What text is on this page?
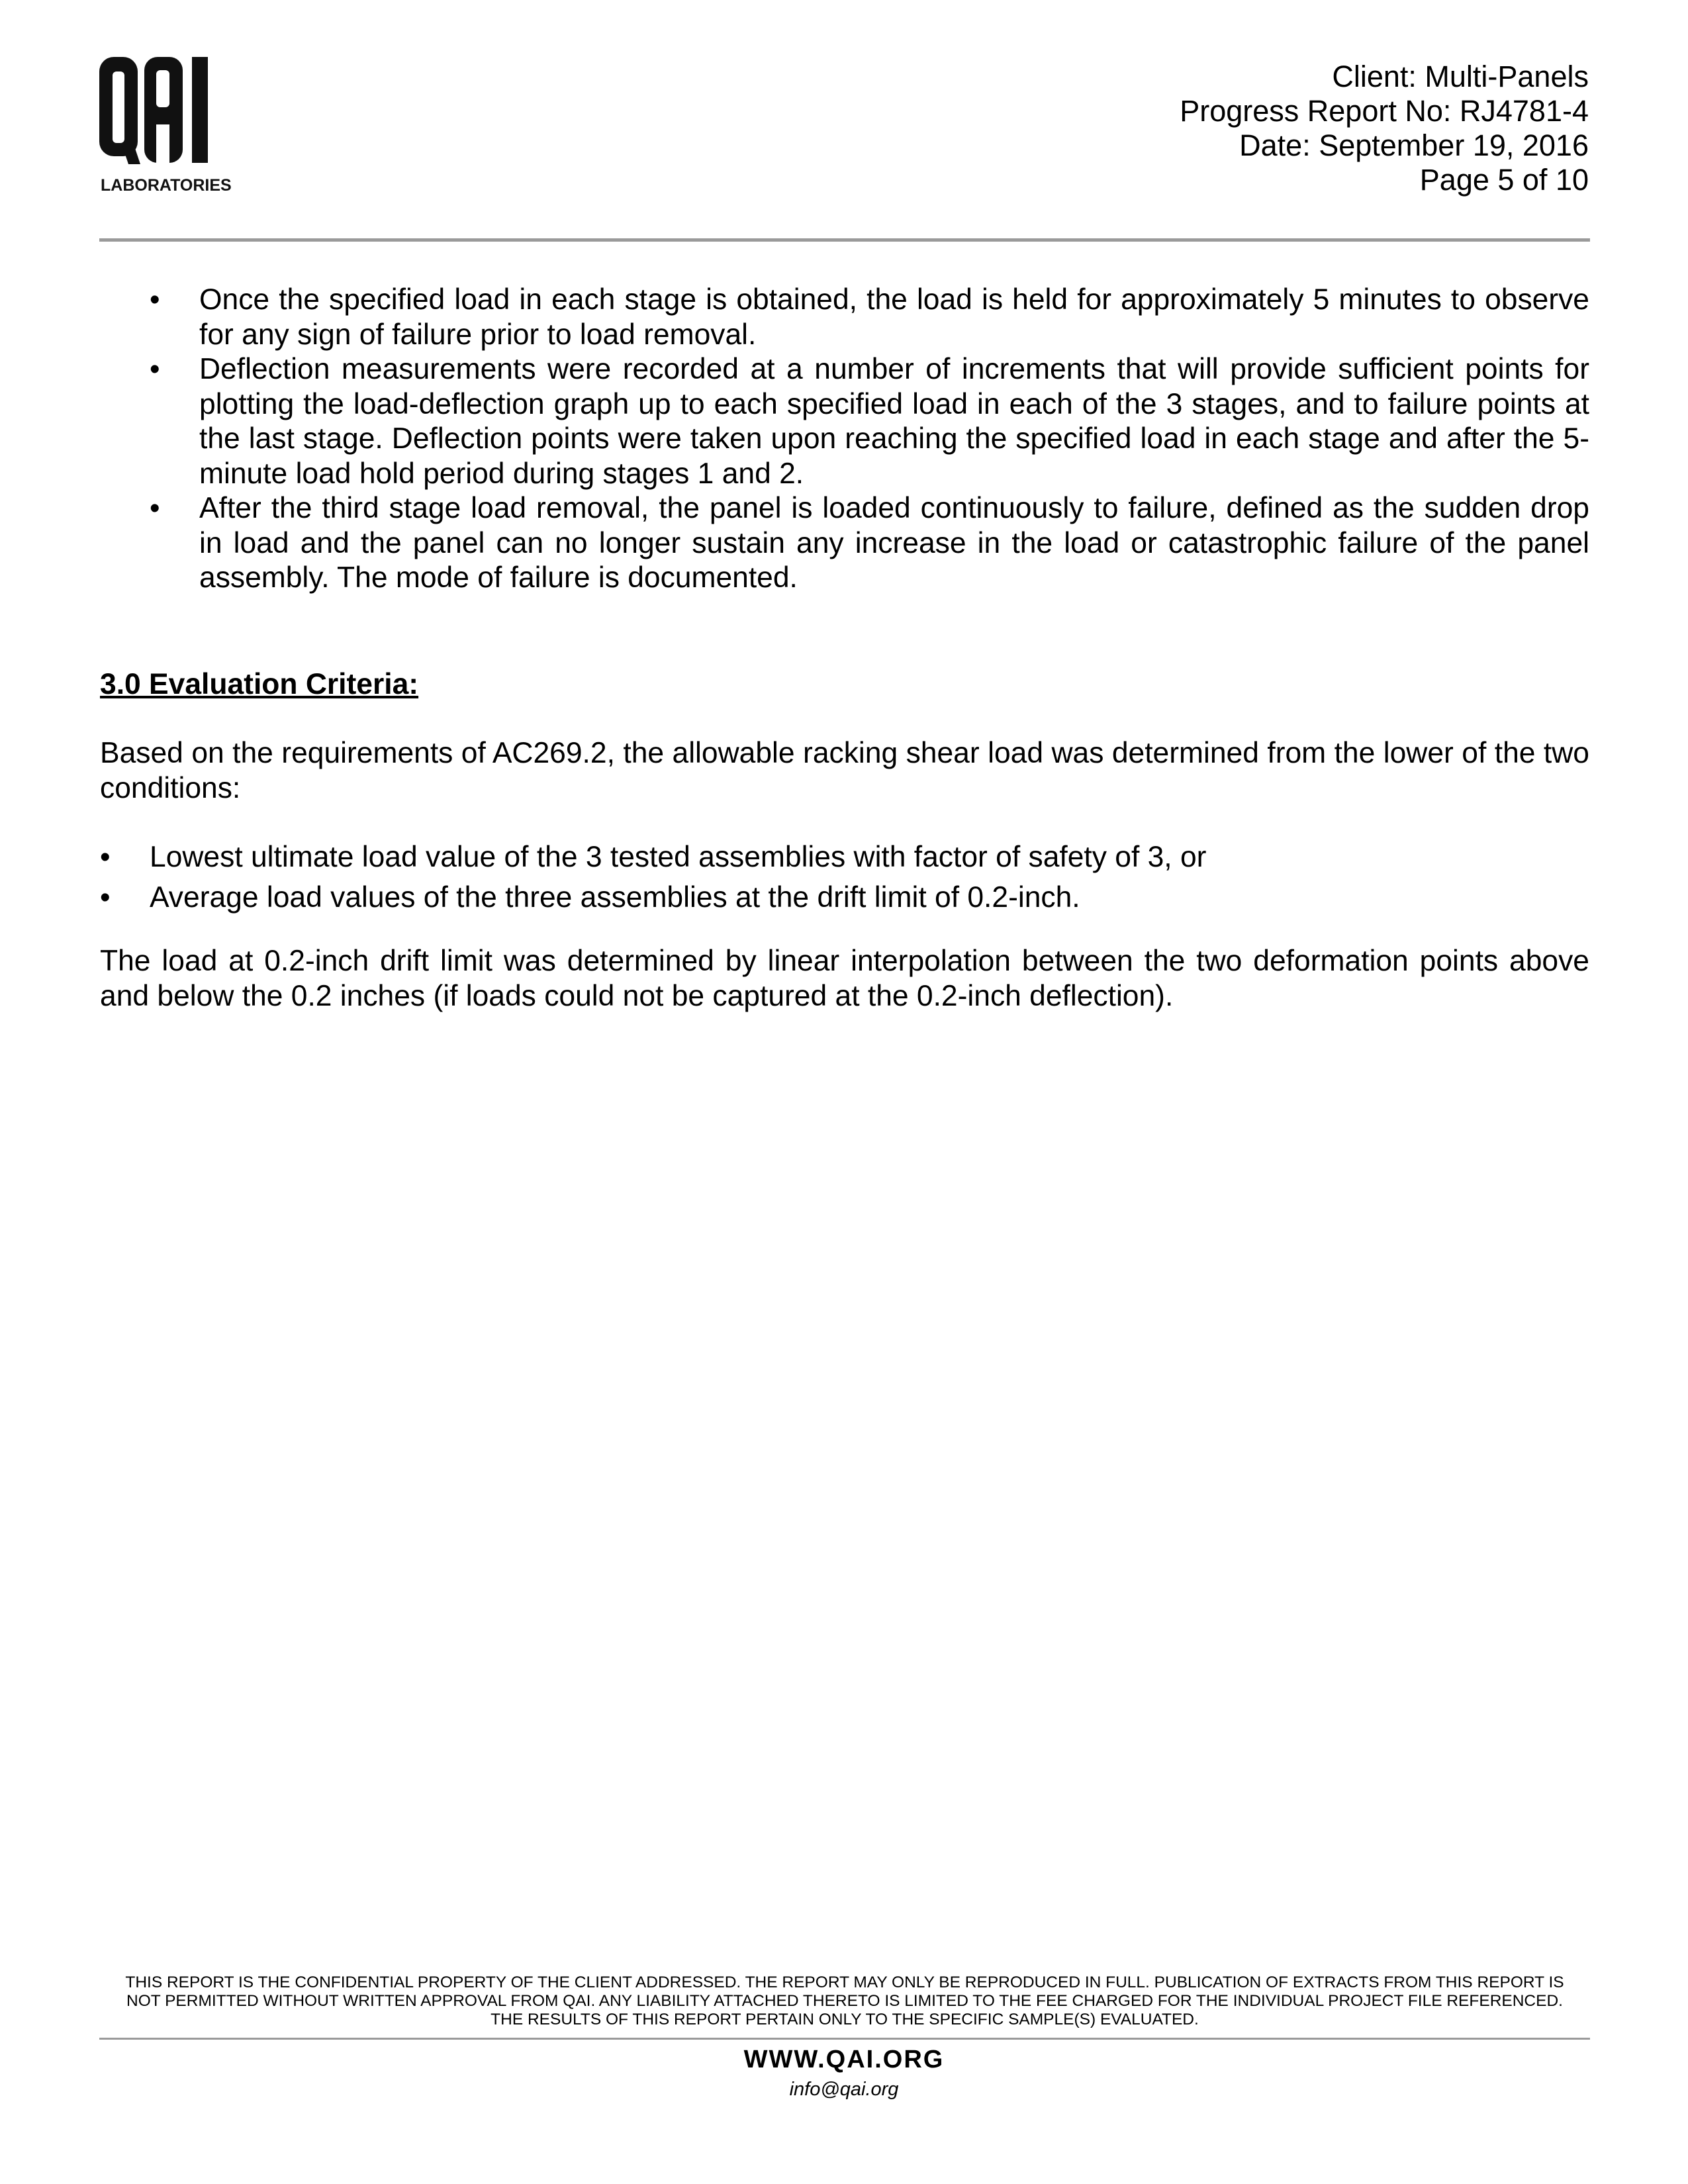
LABORATORIES
Client: Multi-Panels
Progress Report No: RJ4781-4
Date: September 19, 2016
Page 5 of 10
• Once the specified load in each stage is obtained, the load is held for approximately 5 minutes to observe for any sign of failure prior to load removal.
• Deflection measurements were recorded at a number of increments that will provide sufficient points for plotting the load-deflection graph up to each specified load in each of the 3 stages, and to failure points at the last stage. Deflection points were taken upon reaching the specified load in each stage and after the 5-minute load hold period during stages 1 and 2.
• After the third stage load removal, the panel is loaded continuously to failure, defined as the sudden drop in load and the panel can no longer sustain any increase in the load or catastrophic failure of the panel assembly. The mode of failure is documented.
3.0 Evaluation Criteria:
Based on the requirements of AC269.2, the allowable racking shear load was determined from the lower of the two conditions:
• Lowest ultimate load value of the 3 tested assemblies with factor of safety of 3, or
• Average load values of the three assemblies at the drift limit of 0.2-inch.
The load at 0.2-inch drift limit was determined by linear interpolation between the two deformation points above and below the 0.2 inches (if loads could not be captured at the 0.2-inch deflection).
THIS REPORT IS THE CONFIDENTIAL PROPERTY OF THE CLIENT ADDRESSED. THE REPORT MAY ONLY BE REPRODUCED IN FULL. PUBLICATION OF EXTRACTS FROM THIS REPORT IS
NOT PERMITTED WITHOUT WRITTEN APPROVAL FROM QAI. ANY LIABILITY ATTACHED THERETO IS LIMITED TO THE FEE CHARGED FOR THE INDIVIDUAL PROJECT FILE REFERENCED.
THE RESULTS OF THIS REPORT PERTAIN ONLY TO THE SPECIFIC SAMPLE(S) EVALUATED.
WWW.QAI.ORG
info@qai.org
